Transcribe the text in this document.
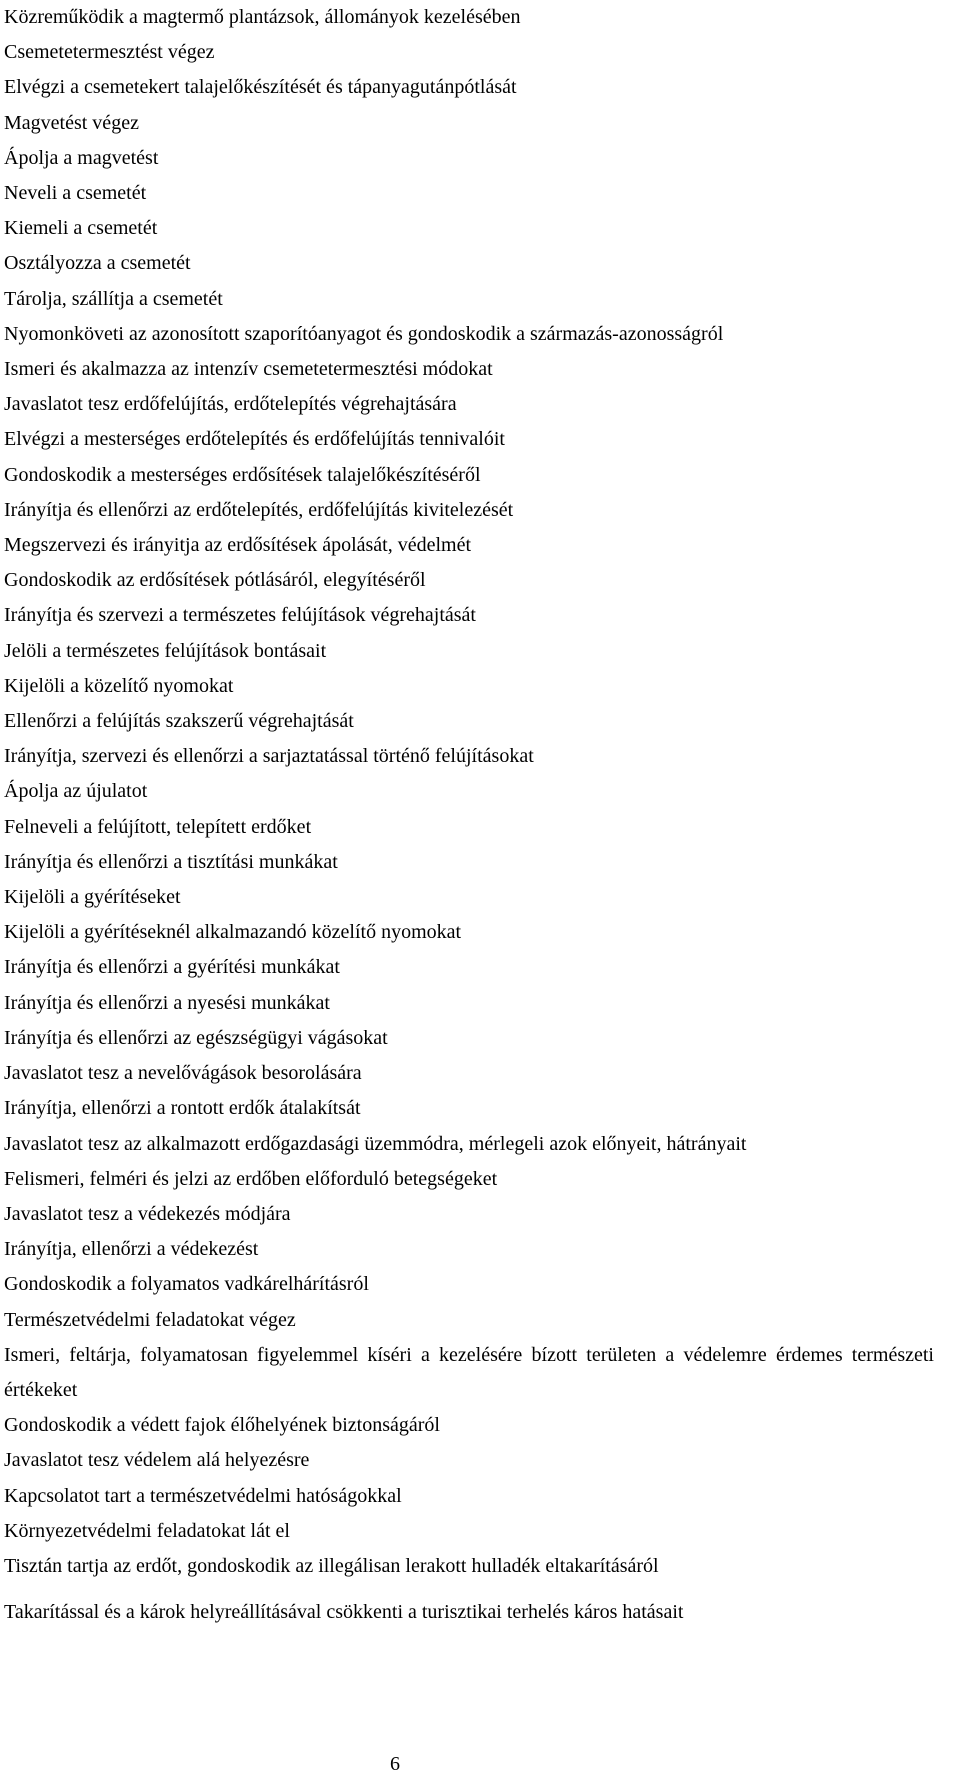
Közreműködik a magtermő plantázsok, állományok kezelésében
Csemetetermesztést végez
Elvégzi a csemetekert talajelőkészítését és tápanyagutánpótlását
Magvetést végez
Ápolja a magvetést
Neveli a csemetét
Kiemeli a csemetét
Osztályozza a csemetét
Tárolja, szállítja a csemetét
Nyomonköveti az azonosított szaporítóanyagot és gondoskodik a származás-azonosságról
Ismeri és akalmazza az intenzív csemetetermesztési módokat
Javaslatot tesz erdőfelújítás, erdőtelepítés végrehajtására
Elvégzi a mesterséges erdőtelepítés és erdőfelújítás tennivalóit
Gondoskodik a mesterséges erdősítések talajelőkészítéséről
Irányítja és ellenőrzi az erdőtelepítés, erdőfelújítás kivitelezését
Megszervezi és irányitja az erdősítések ápolását, védelmét
Gondoskodik az erdősítések pótlásáról, elegyítéséről
Irányítja és szervezi a természetes felújítások végrehajtását
Jelöli a természetes felújítások bontásait
Kijelöli a közelítő nyomokat
Ellenőrzi a felújítás szakszerű végrehajtását
Irányítja, szervezi és ellenőrzi a sarjaztatással történő felújításokat
Ápolja az újulatot
Felneveli a felújított, telepített erdőket
Irányítja és ellenőrzi a tisztítási munkákat
Kijelöli a gyérítéseket
Kijelöli a gyérítéseknél alkalmazandó közelítő nyomokat
Irányítja és ellenőrzi a gyérítési munkákat
Irányítja és ellenőrzi a nyesési munkákat
Irányítja és ellenőrzi az egészségügyi vágásokat
Javaslatot tesz a nevelővágások besorolására
Irányítja, ellenőrzi a rontott erdők átalakítsát
Javaslatot tesz az alkalmazott erdőgazdasági üzemmódra, mérlegeli azok előnyeit, hátrányait
Felismeri, felméri és jelzi az erdőben előforduló betegségeket
Javaslatot tesz a védekezés módjára
Irányítja, ellenőrzi a védekezést
Gondoskodik a folyamatos vadkárelhárításról
Természetvédelmi feladatokat végez
Ismeri, feltárja, folyamatosan figyelemmel kíséri a kezelésére bízott területen a védelemre érdemes természeti értékeket
Gondoskodik a védett fajok élőhelyének biztonságáról
Javaslatot tesz védelem alá helyezésre
Kapcsolatot tart a természetvédelmi hatóságokkal
Környezetvédelmi feladatokat lát el
Tisztán tartja az erdőt, gondoskodik az illegálisan lerakott hulladék eltakarításáról
Takarítással és a károk helyreállításával csökkenti a turisztikai terhelés káros hatásait
6
